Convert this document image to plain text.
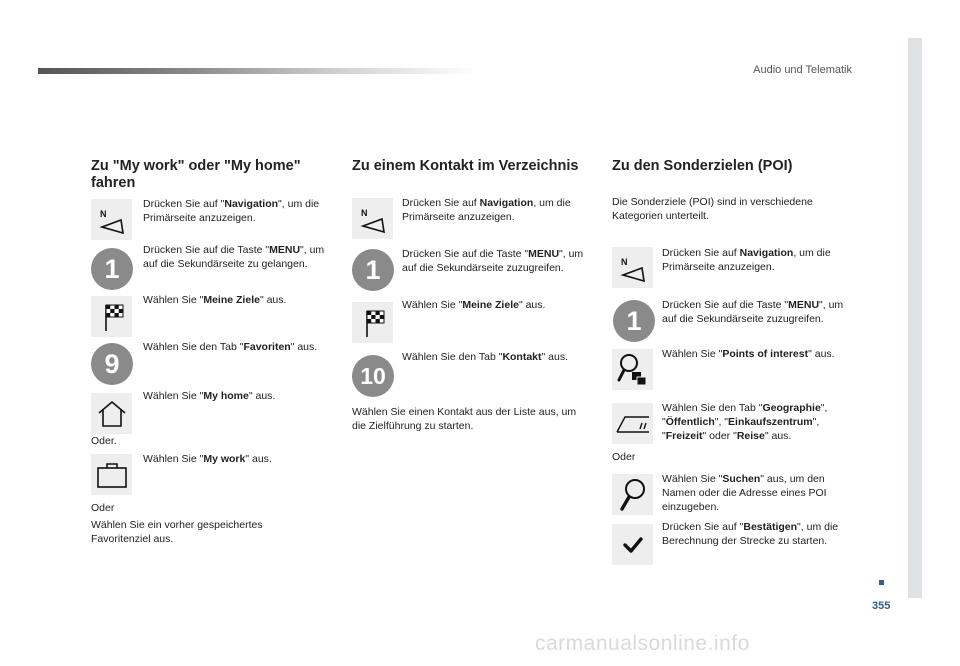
Audio und Telematik
355
carmanualsonline.info
Zu "My work" oder "My home"
fahren
N
Drücken Sie auf "Navigation", um die Primärseite anzuzeigen.
1
Drücken Sie auf die Taste "MENU", um auf die Sekundärseite zu gelangen.
Wählen Sie "Meine Ziele" aus.
9
Wählen Sie den Tab "Favoriten" aus.
Wählen Sie "My home" aus.
Oder.
Wählen Sie "My work" aus.
Oder
Wählen Sie ein vorher gespeichertes Favoritenziel aus.
Zu einem Kontakt im Verzeichnis
N
Drücken Sie auf Navigation, um die Primärseite anzuzeigen.
1
Drücken Sie auf die Taste "MENU", um auf die Sekundärseite zuzugreifen.
Wählen Sie "Meine Ziele" aus.
10
Wählen Sie den Tab "Kontakt" aus.
Wählen Sie einen Kontakt aus der Liste aus, um die Zielführung zu starten.
Zu den Sonderzielen (POI)
Die Sonderziele (POI) sind in verschiedene Kategorien unterteilt.
N
Drücken Sie auf Navigation, um die Primärseite anzuzeigen.
1
Drücken Sie auf die Taste "MENU", um auf die Sekundärseite zuzugreifen.
Wählen Sie "Points of interest" aus.
Wählen Sie den Tab "Geographie", "Öffentlich", "Einkaufszentrum", "Freizeit" oder "Reise" aus.
Oder
Wählen Sie "Suchen" aus, um den Namen oder die Adresse eines POI einzugeben.
Drücken Sie auf "Bestätigen", um die Berechnung der Strecke zu starten.
